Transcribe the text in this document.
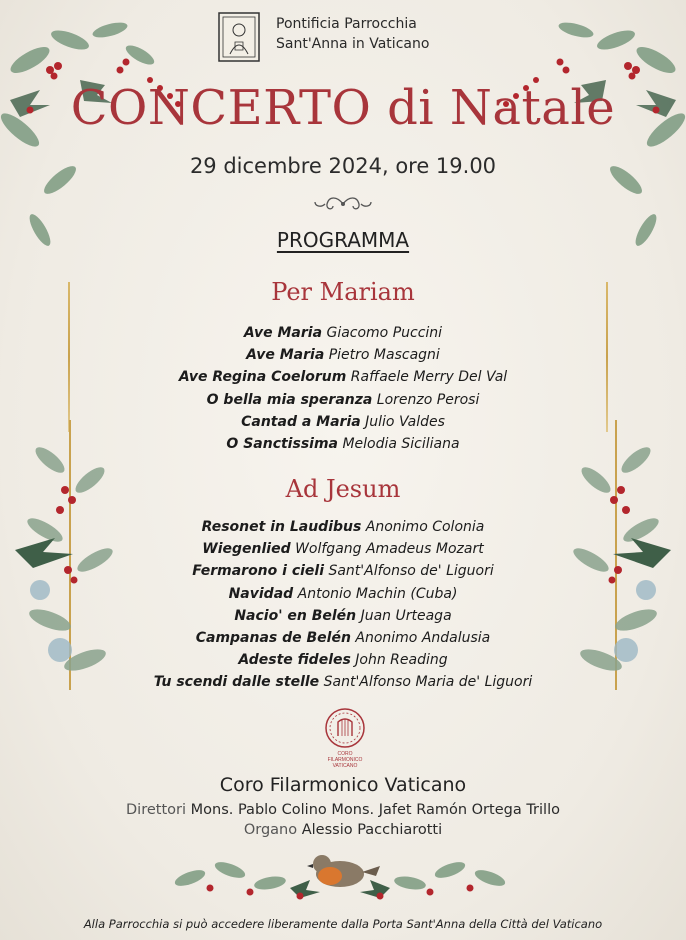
Pontificia Parrocchia
Sant'Anna in Vaticano
CONCERTO di Natale
29 dicembre 2024, ore 19.00
PROGRAMMA
Per Mariam
Ave Maria Giacomo Puccini
Ave Maria Pietro Mascagni
Ave Regina Coelorum Raffaele Merry Del Val
O bella mia speranza Lorenzo Perosi
Cantad a Maria Julio Valdes
O Sanctissima Melodia Siciliana
Ad Jesum
Resonet in Laudibus Anonimo Colonia
Wiegenlied Wolfgang Amadeus Mozart
Fermarono i cieli Sant'Alfonso de' Liguori
Navidad Antonio Machin (Cuba)
Nacio' en Belén Juan Urteaga
Campanas de Belén Anonimo Andalusia
Adeste fideles John Reading
Tu scendi dalle stelle Sant'Alfonso Maria de' Liguori
CORO
FILARMONICO
VATICANO
Coro Filarmonico Vaticano
Direttori Mons. Pablo Colino Mons. Jafet Ramón Ortega Trillo
Organo Alessio Pacchiarotti
Alla Parrocchia si può accedere liberamente dalla Porta Sant'Anna della Città del Vaticano
